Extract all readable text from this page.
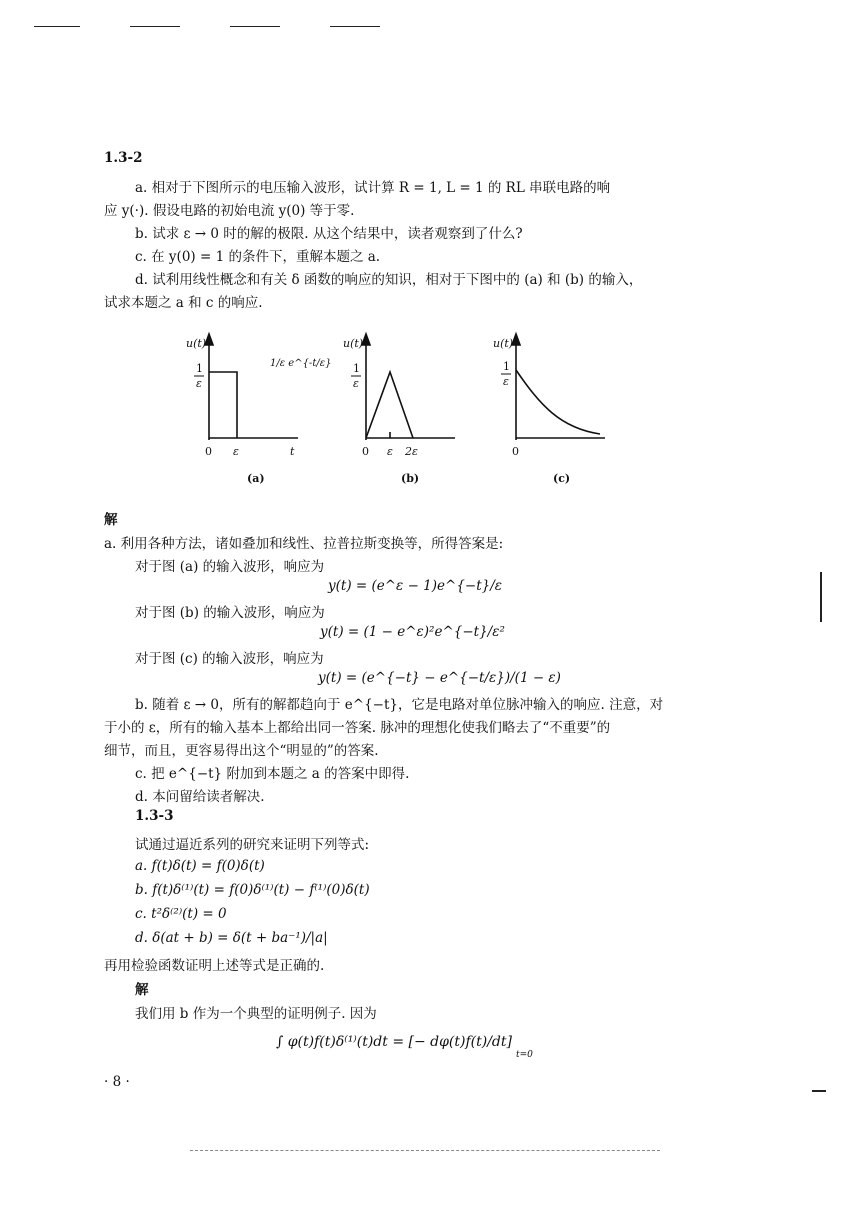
1.3-2
a. 相对于下图所示的电压输入波形，试计算 R = 1, L = 1 的 RL 串联电路的响
应 y(·). 假设电路的初始电流 y(0) 等于零.
b. 试求 ε → 0 时的解的极限. 从这个结果中，读者观察到了什么?
c. 在 y(0) = 1 的条件下，重解本题之 a.
d. 试利用线性概念和有关 δ 函数的响应的知识，相对于下图中的 (a) 和 (b) 的输入，
试求本题之 a 和 c 的响应.
u(t)
1
ε
1/ε e^{-t/ε}
0 ε	t
(a)
u(t)
1
ε
0 ε 2ε
(b)
u(t)
1
ε
0
(c)
解
a. 利用各种方法，诸如叠加和线性、拉普拉斯变换等，所得答案是:
对于图 (a) 的输入波形，响应为
y(t) = (e^ε − 1)e^{−t}/ε
对于图 (b) 的输入波形，响应为
y(t) = (1 − e^ε)²e^{−t}/ε²
对于图 (c) 的输入波形，响应为
y(t) = (e^{−t} − e^{−t/ε})/(1 − ε)
b. 随着 ε → 0，所有的解都趋向于 e^{−t}，它是电路对单位脉冲输入的响应. 注意，对
于小的 ε，所有的输入基本上都给出同一答案. 脉冲的理想化使我们略去了“不重要”的
细节，而且，更容易得出这个“明显的”的答案.
c. 把 e^{−t} 附加到本题之 a 的答案中即得.
d. 本问留给读者解决.
1.3-3
试通过逼近系列的研究来证明下列等式:
a. f(t)δ(t) = f(0)δ(t)
b. f(t)δ⁽¹⁾(t) = f(0)δ⁽¹⁾(t) − f⁽¹⁾(0)δ(t)
c. t²δ⁽²⁾(t) = 0
d. δ(at + b) = δ(t + ba⁻¹)/|a|
再用检验函数证明上述等式是正确的.
解
我们用 b 作为一个典型的证明例子. 因为
∫ φ(t)f(t)δ⁽¹⁾(t)dt = [− dφ(t)f(t)/dt]
t=0
· 8 ·
